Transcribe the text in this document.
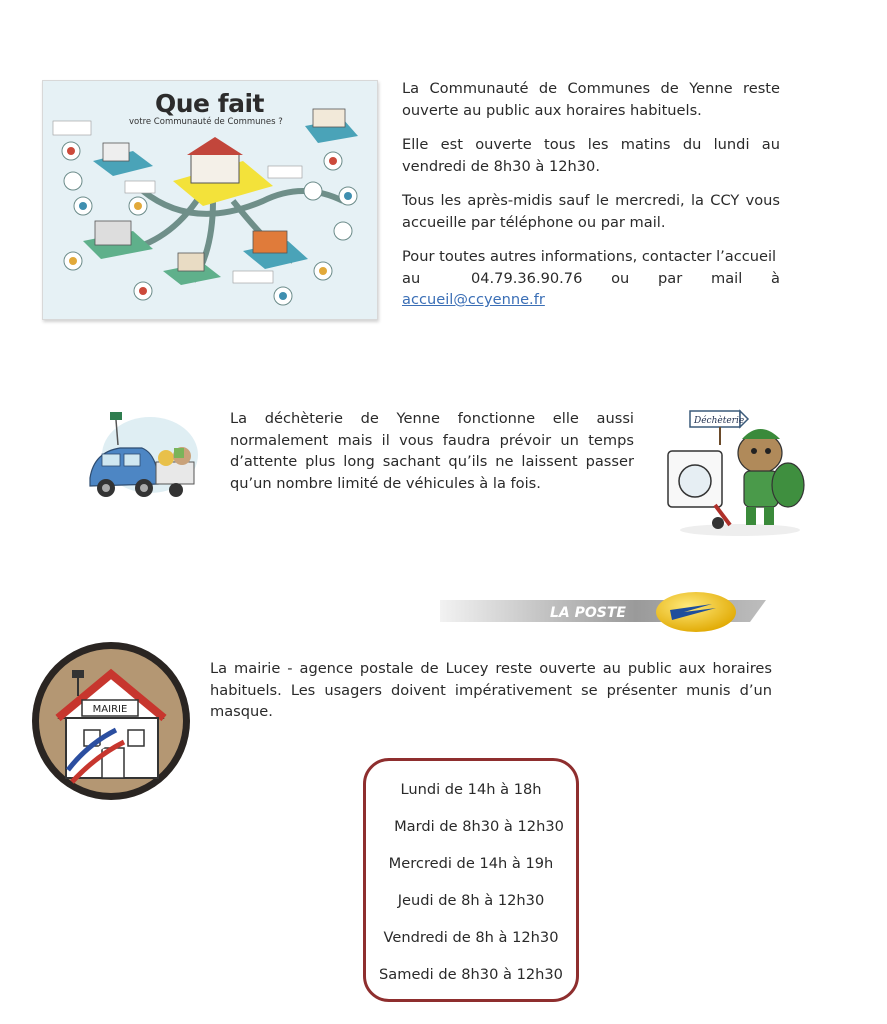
Que fait
votre Communauté de Communes ?

La Communauté de Communes de Yenne reste ouverte au public aux horaires habituels.

Elle est ouverte tous les matins du lundi au vendredi de 8h30 à 12h30.

Tous les après-midis sauf le mercredi, la CCY vous accueille par téléphone ou par mail.

Pour toutes autres informations, contacter l’accueil
au	04.79.36.90.76 ou par mail à
accueil@ccyenne.fr
La déchèterie de Yenne fonctionne elle aussi normalement mais il vous faudra prévoir un temps d’attente plus long sachant qu’ils ne laissent passer qu’un nombre limité de véhicules à la fois.
Déchèterie
LA POSTE
MAIRIE
La mairie - agence postale de Lucey reste ouverte au public aux horaires habituels. Les usagers doivent impérativement se présenter munis d’un masque.
Lundi de 14h à 18h
Mardi de 8h30 à 12h30
Mercredi de 14h à 19h
Jeudi de 8h à 12h30
Vendredi de 8h à 12h30
Samedi de 8h30 à 12h30
